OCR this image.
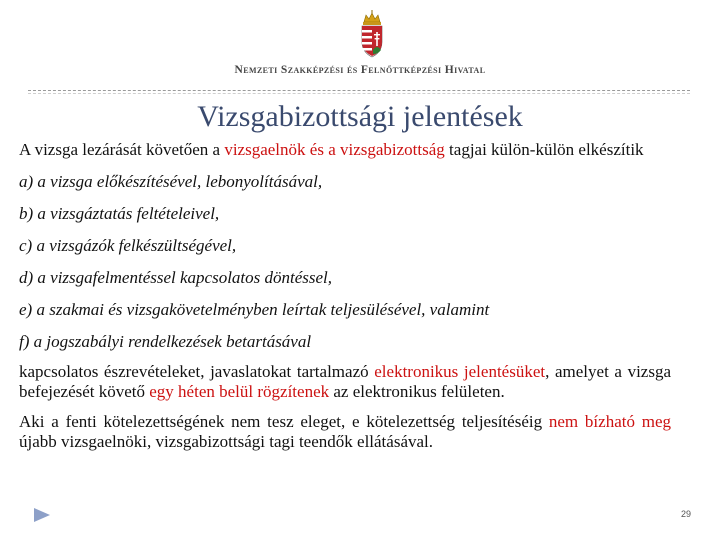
Nemzeti Szakképzési és Felnőttképzési Hivatal
Vizsgabizottsági jelentések

A vizsga lezárását követően a vizsgaelnök és a vizsgabizottság tagjai külön-külön elkészítik

a) a vizsga előkészítésével, lebonyolításával,

b) a vizsgáztatás feltételeivel,

c) a vizsgázók felkészültségével,

d) a vizsgafelmentéssel kapcsolatos döntéssel,

e) a szakmai és vizsgakövetelményben leírtak teljesülésével, valamint

f) a jogszabályi rendelkezések betartásával

kapcsolatos észrevételeket, javaslatokat tartalmazó elektronikus jelentésüket, amelyet a vizsga befejezését követő egy héten belül rögzítenek az elektronikus felületen.

Aki a fenti kötelezettségének nem tesz eleget, e kötelezettség teljesítéséig nem bízható meg újabb vizsgaelnöki, vizsgabizottsági tagi teendők ellátásával.

29
